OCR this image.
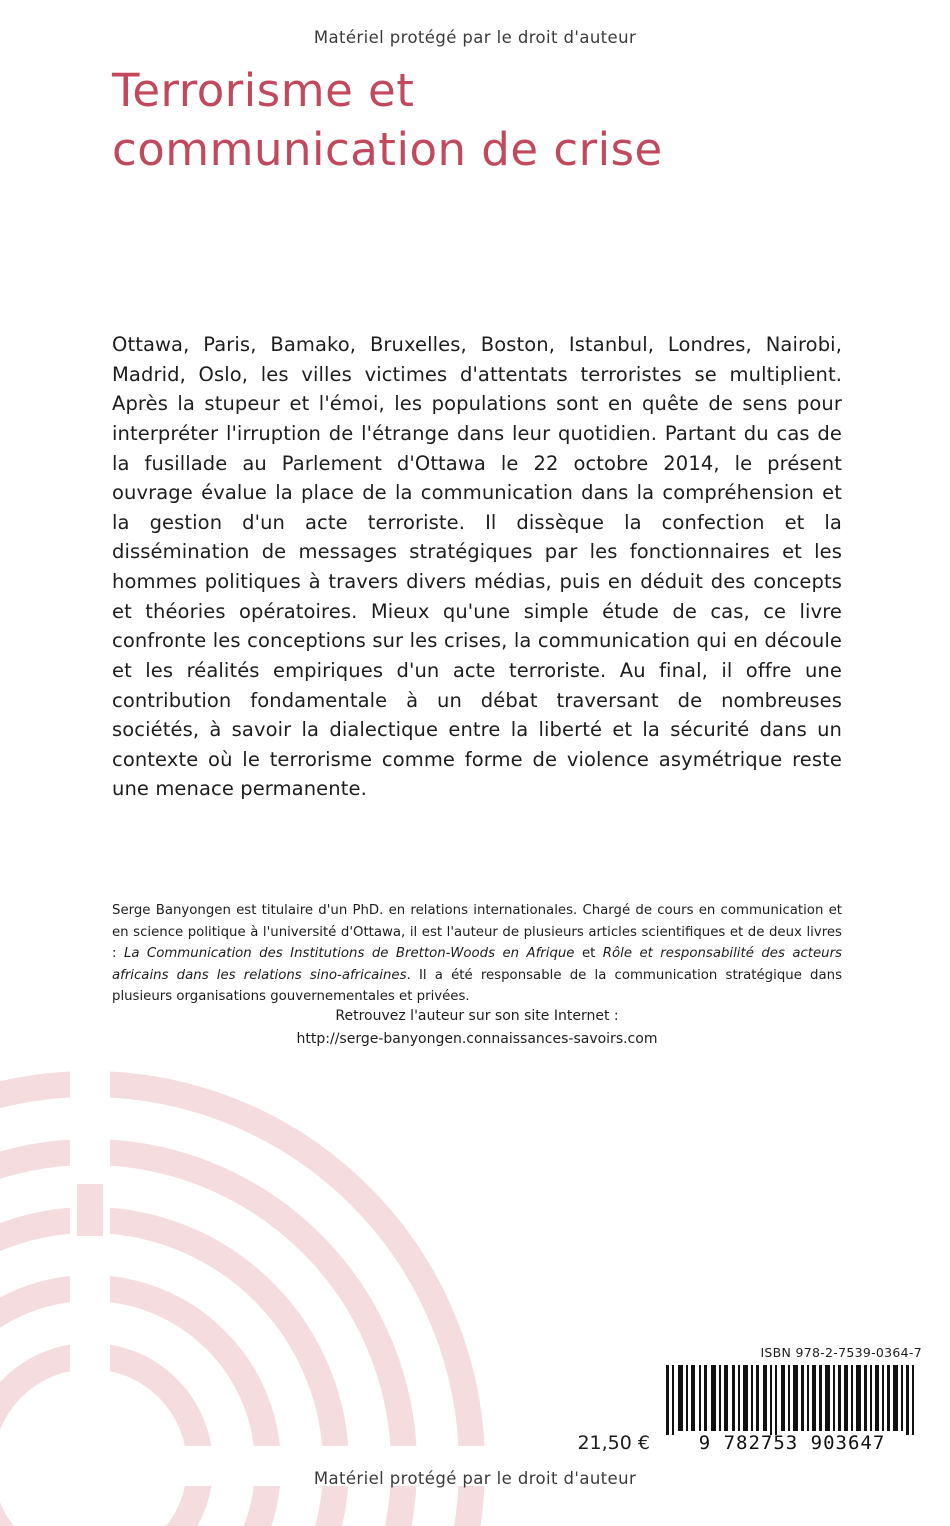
Matériel protégé par le droit d'auteur
Terrorisme et
communication de crise
Ottawa, Paris, Bamako, Bruxelles, Boston, Istanbul, Londres, Nairobi, Madrid, Oslo, les villes victimes d'attentats terroristes se multiplient. Après la stupeur et l'émoi, les populations sont en quête de sens pour interpréter l'irruption de l'étrange dans leur quotidien. Partant du cas de la fusillade au Parlement d'Ottawa le 22 octobre 2014, le présent ouvrage évalue la place de la communication dans la compréhension et la gestion d'un acte terroriste. Il dissèque la confection et la dissémination de messages stratégiques par les fonctionnaires et les hommes politiques à travers divers médias, puis en déduit des concepts et théories opératoires. Mieux qu'une simple étude de cas, ce livre confronte les conceptions sur les crises, la communication qui en découle et les réalités empiriques d'un acte terroriste. Au final, il offre une contribution fondamentale à un débat traversant de nombreuses sociétés, à savoir la dialectique entre la liberté et la sécurité dans un contexte où le terrorisme comme forme de violence asymétrique reste une menace permanente.
Serge Banyongen est titulaire d'un PhD. en relations internationales. Chargé de cours en communication et en science politique à l'université d'Ottawa, il est l'auteur de plusieurs articles scientifiques et de deux livres : La Communication des Institutions de Bretton-Woods en Afrique et Rôle et responsabilité des acteurs africains dans les relations sino-africaines. Il a été responsable de la communication stratégique dans plusieurs organisations gouvernementales et privées.
Retrouvez l'auteur sur son site Internet :
http://serge-banyongen.connaissances-savoirs.com
ISBN 978-2-7539-0364-7
9 782753 903647
21,50 €
Matériel protégé par le droit d'auteur
